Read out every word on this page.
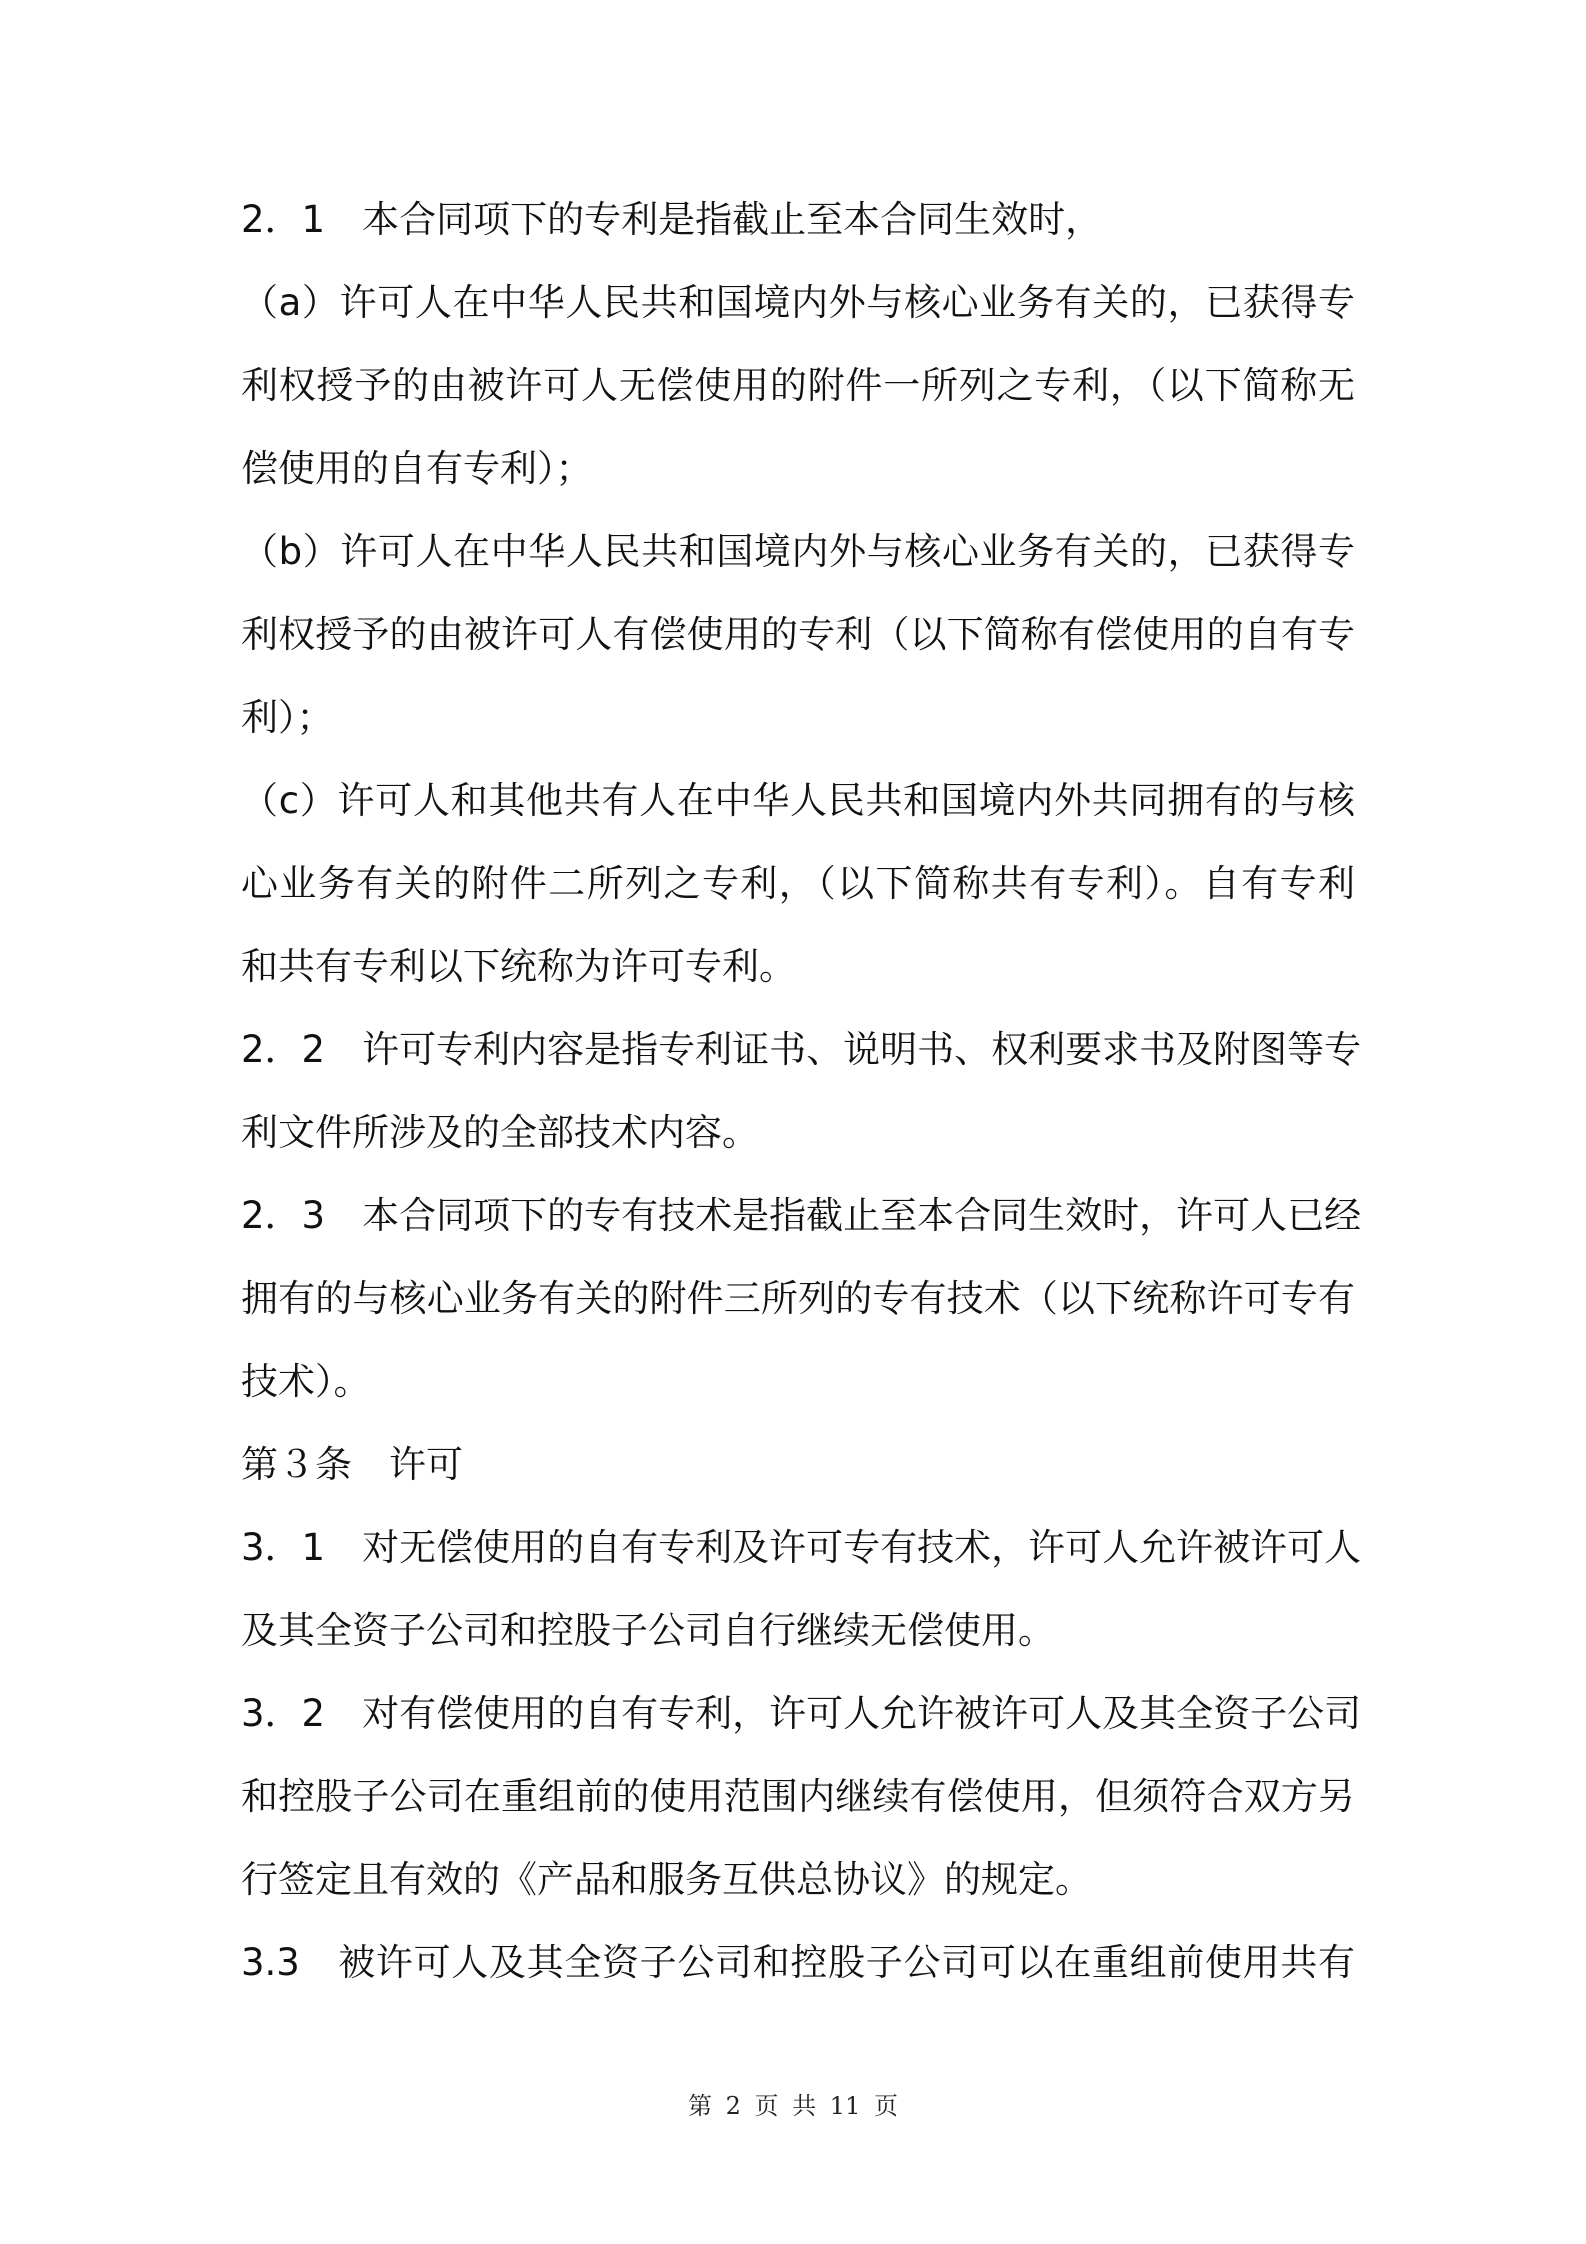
2．1　本合同项下的专利是指截止至本合同生效时，
（a）许可人在中华人民共和国境内外与核心业务有关的，已获得专
利权授予的由被许可人无偿使用的附件一所列之专利，（以下简称无
偿使用的自有专利）；
（b）许可人在中华人民共和国境内外与核心业务有关的，已获得专
利权授予的由被许可人有偿使用的专利（以下简称有偿使用的自有专
利）；
（c）许可人和其他共有人在中华人民共和国境内外共同拥有的与核
心业务有关的附件二所列之专利，（以下简称共有专利）。自有专利
和共有专利以下统称为许可专利。
2．2　许可专利内容是指专利证书、说明书、权利要求书及附图等专
利文件所涉及的全部技术内容。
2．3　本合同项下的专有技术是指截止至本合同生效时，许可人已经
拥有的与核心业务有关的附件三所列的专有技术（以下统称许可专有
技术）。
第３条　许可
3．1　对无偿使用的自有专利及许可专有技术，许可人允许被许可人
及其全资子公司和控股子公司自行继续无偿使用。
3．2　对有偿使用的自有专利，许可人允许被许可人及其全资子公司
和控股子公司在重组前的使用范围内继续有偿使用，但须符合双方另
行签定且有效的《产品和服务互供总协议》的规定。
3.3　被许可人及其全资子公司和控股子公司可以在重组前使用共有
第 2 页 共 11 页
